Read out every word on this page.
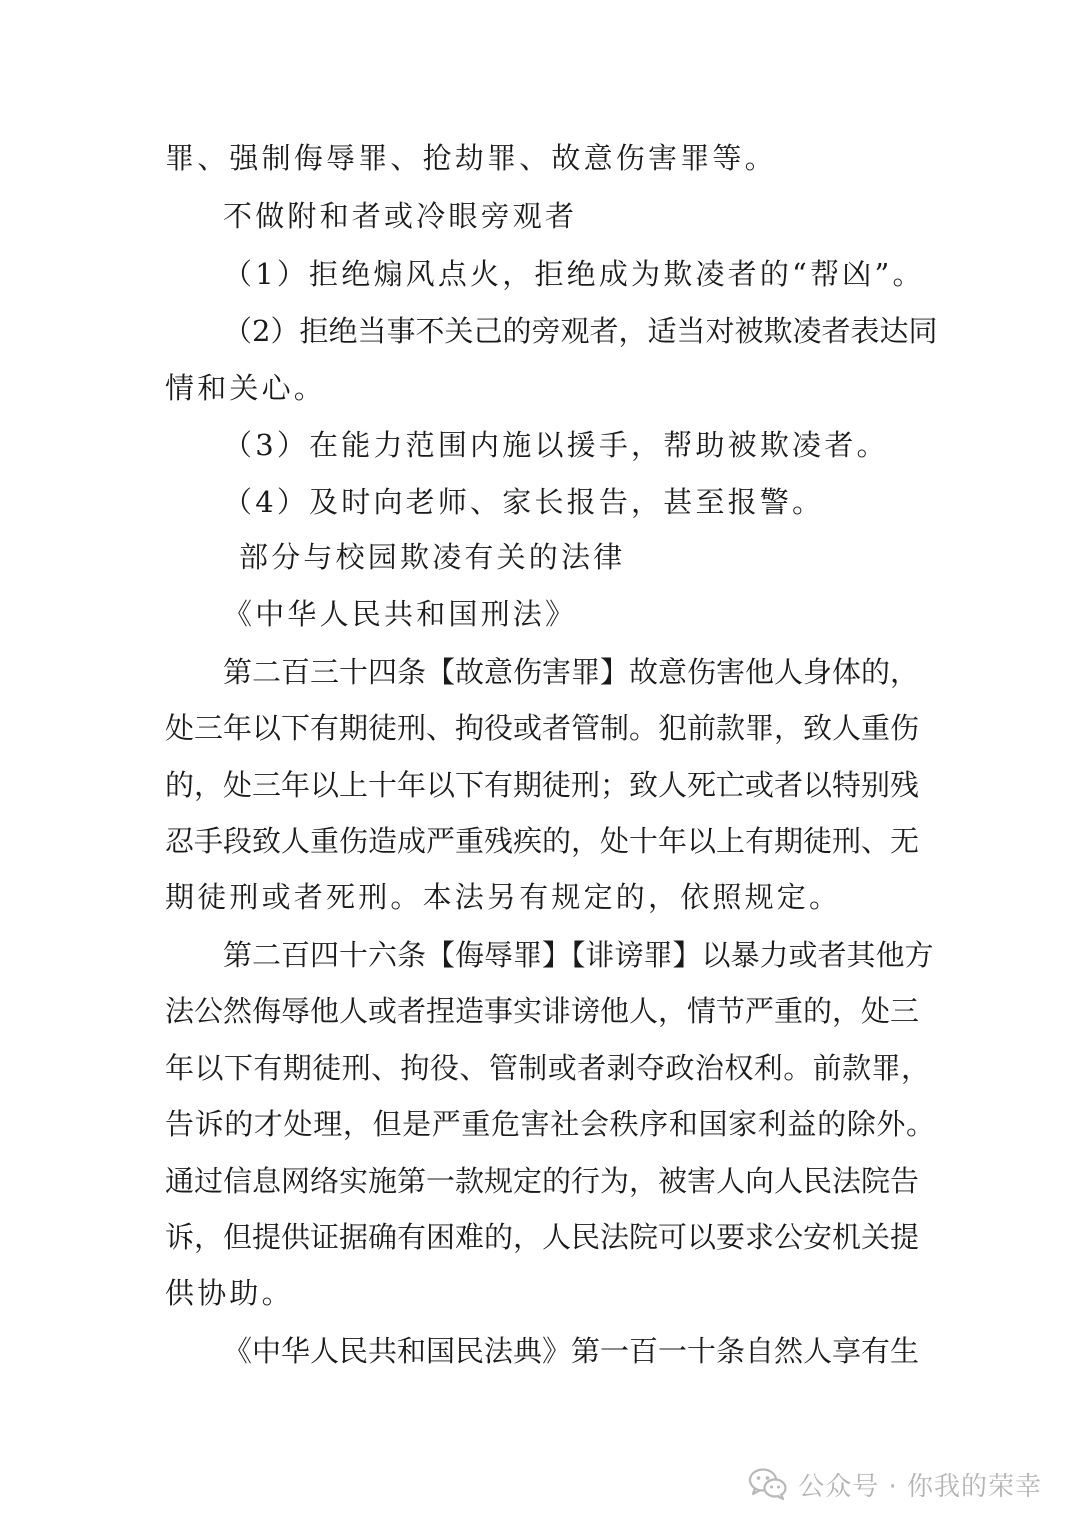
罪、强制侮辱罪、抢劫罪、故意伤害罪等。
不做附和者或冷眼旁观者
（1）拒绝煽风点火，拒绝成为欺凌者的“帮凶”。
（2）拒绝当事不关己的旁观者，适当对被欺凌者表达同
情和关心。
（3）在能力范围内施以援手，帮助被欺凌者。
（4）及时向老师、家长报告，甚至报警。
部分与校园欺凌有关的法律
《中华人民共和国刑法》
第二百三十四条【故意伤害罪】故意伤害他人身体的，
处三年以下有期徒刑、拘役或者管制。犯前款罪，致人重伤
的，处三年以上十年以下有期徒刑；致人死亡或者以特别残
忍手段致人重伤造成严重残疾的，处十年以上有期徒刑、无
期徒刑或者死刑。本法另有规定的，依照规定。
第二百四十六条【侮辱罪】【诽谤罪】以暴力或者其他方
法公然侮辱他人或者捏造事实诽谤他人，情节严重的，处三
年以下有期徒刑、拘役、管制或者剥夺政治权利。前款罪，
告诉的才处理，但是严重危害社会秩序和国家利益的除外。
通过信息网络实施第一款规定的行为，被害人向人民法院告
诉，但提供证据确有困难的，人民法院可以要求公安机关提
供协助。
《中华人民共和国民法典》第一百一十条自然人享有生
公众号 · 你我的荣幸
